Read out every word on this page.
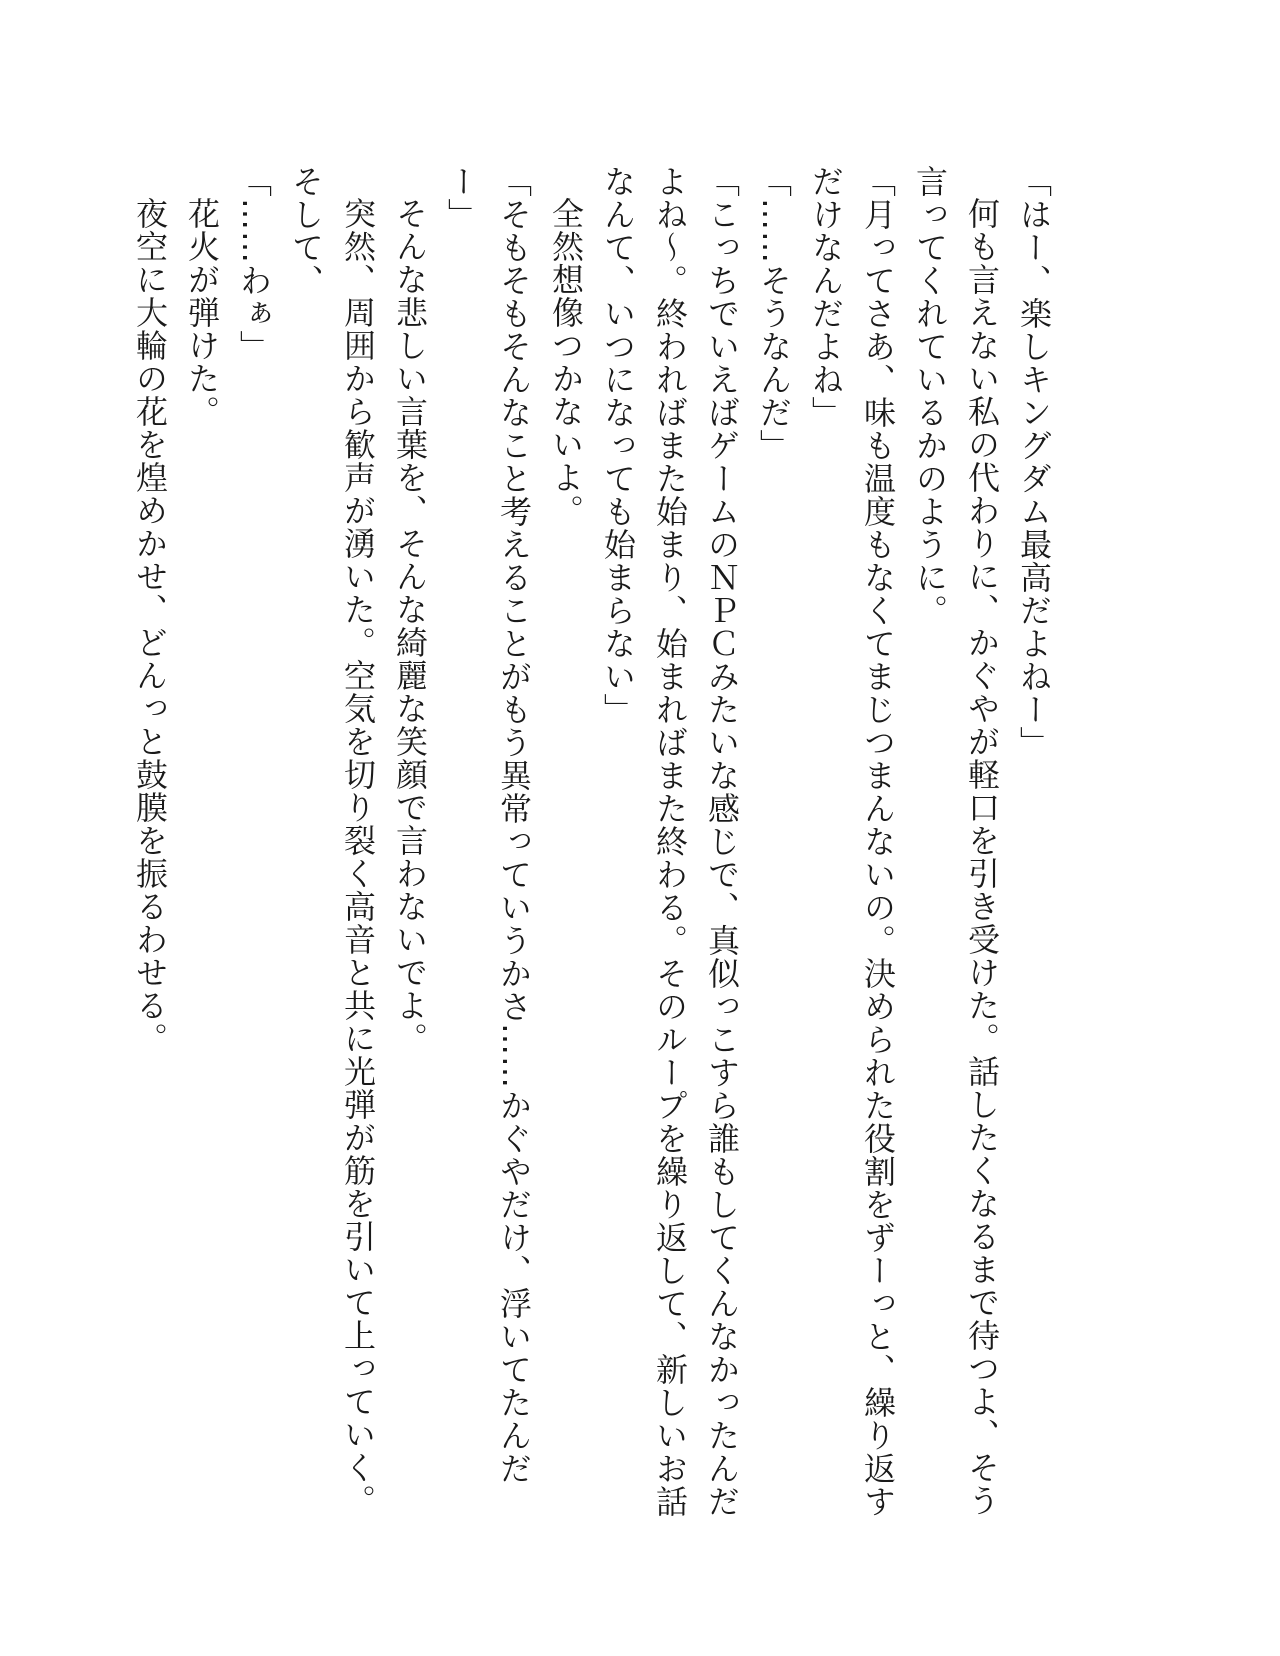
「はー、楽しキングダム最高だよねー」

何も言えない私の代わりに、かぐやが軽口を引き受けた。話したくなるまで待つよ、そう言ってくれているかのように。

「月ってさあ、味も温度もなくてまじつまんないの。決められた役割をずーっと、繰り返すだけなんだよね」

「……そうなんだ」

「こっちでいえばゲームのＮＰＣみたいな感じで、真似っこすら誰もしてくんなかったんだよね～。終わればまた始まり、始まればまた終わる。そのループを繰り返して、新しいお話なんて、いつになっても始まらない」

全然想像つかないよ。

「そもそもそんなこと考えることがもう異常っていうかさ……かぐやだけ、浮いてたんだー」

そんな悲しい言葉を、そんな綺麗な笑顔で言わないでよ。

突然、周囲から歓声が湧いた。空気を切り裂く高音と共に光弾が筋を引いて上っていく。そして、

「……わぁ」

花火が弾けた。

夜空に大輪の花を煌めかせ、どんっと鼓膜を振るわせる。
